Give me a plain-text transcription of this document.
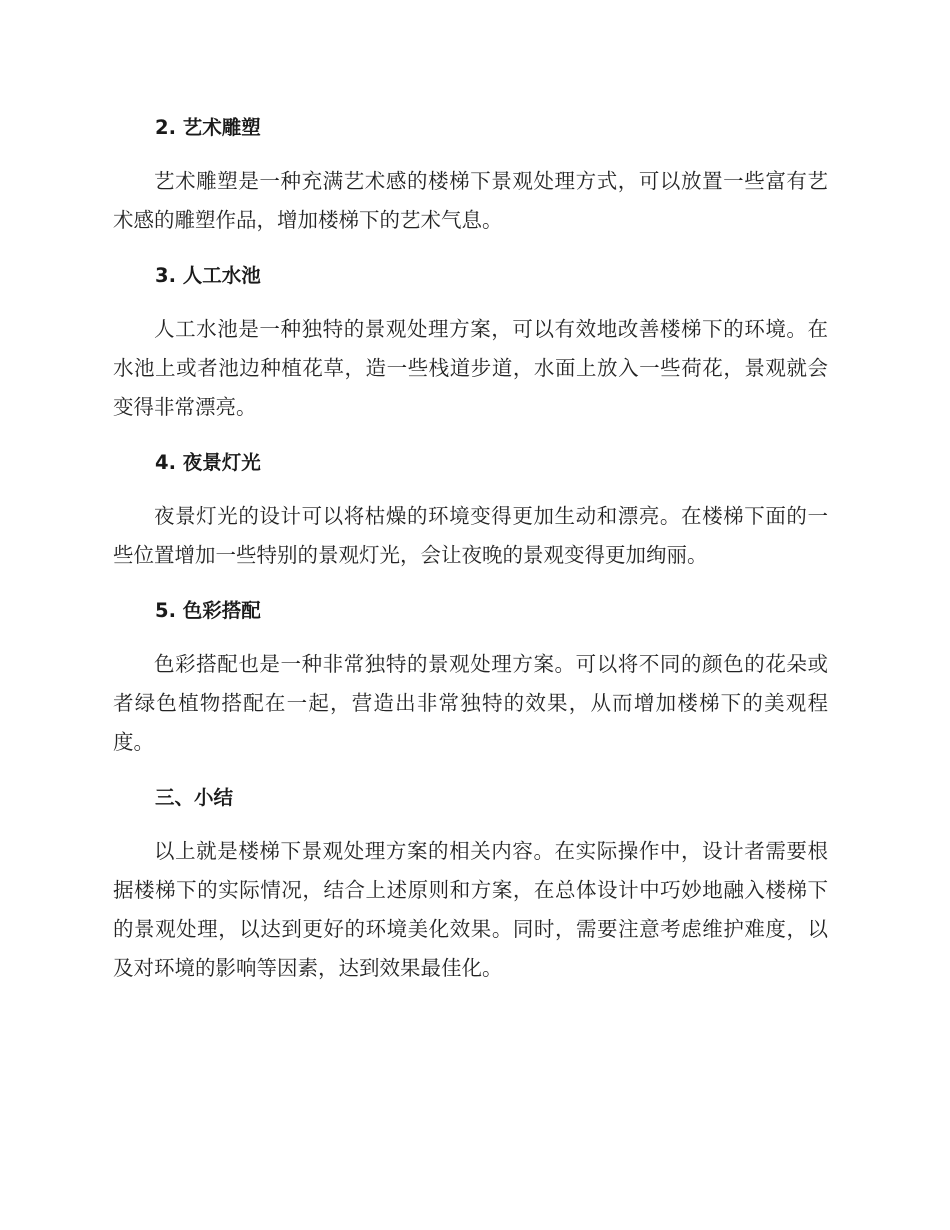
2. 艺术雕塑

艺术雕塑是一种充满艺术感的楼梯下景观处理方式，可以放置一些富有艺术感的雕塑作品，增加楼梯下的艺术气息。

3. 人工水池

人工水池是一种独特的景观处理方案，可以有效地改善楼梯下的环境。在水池上或者池边种植花草，造一些栈道步道，水面上放入一些荷花，景观就会变得非常漂亮。

4. 夜景灯光

夜景灯光的设计可以将枯燥的环境变得更加生动和漂亮。在楼梯下面的一些位置增加一些特别的景观灯光，会让夜晚的景观变得更加绚丽。

5. 色彩搭配

色彩搭配也是一种非常独特的景观处理方案。可以将不同的颜色的花朵或者绿色植物搭配在一起，营造出非常独特的效果，从而增加楼梯下的美观程度。

三、小结

以上就是楼梯下景观处理方案的相关内容。在实际操作中，设计者需要根据楼梯下的实际情况，结合上述原则和方案，在总体设计中巧妙地融入楼梯下的景观处理，以达到更好的环境美化效果。同时，需要注意考虑维护难度，以及对环境的影响等因素，达到效果最佳化。
